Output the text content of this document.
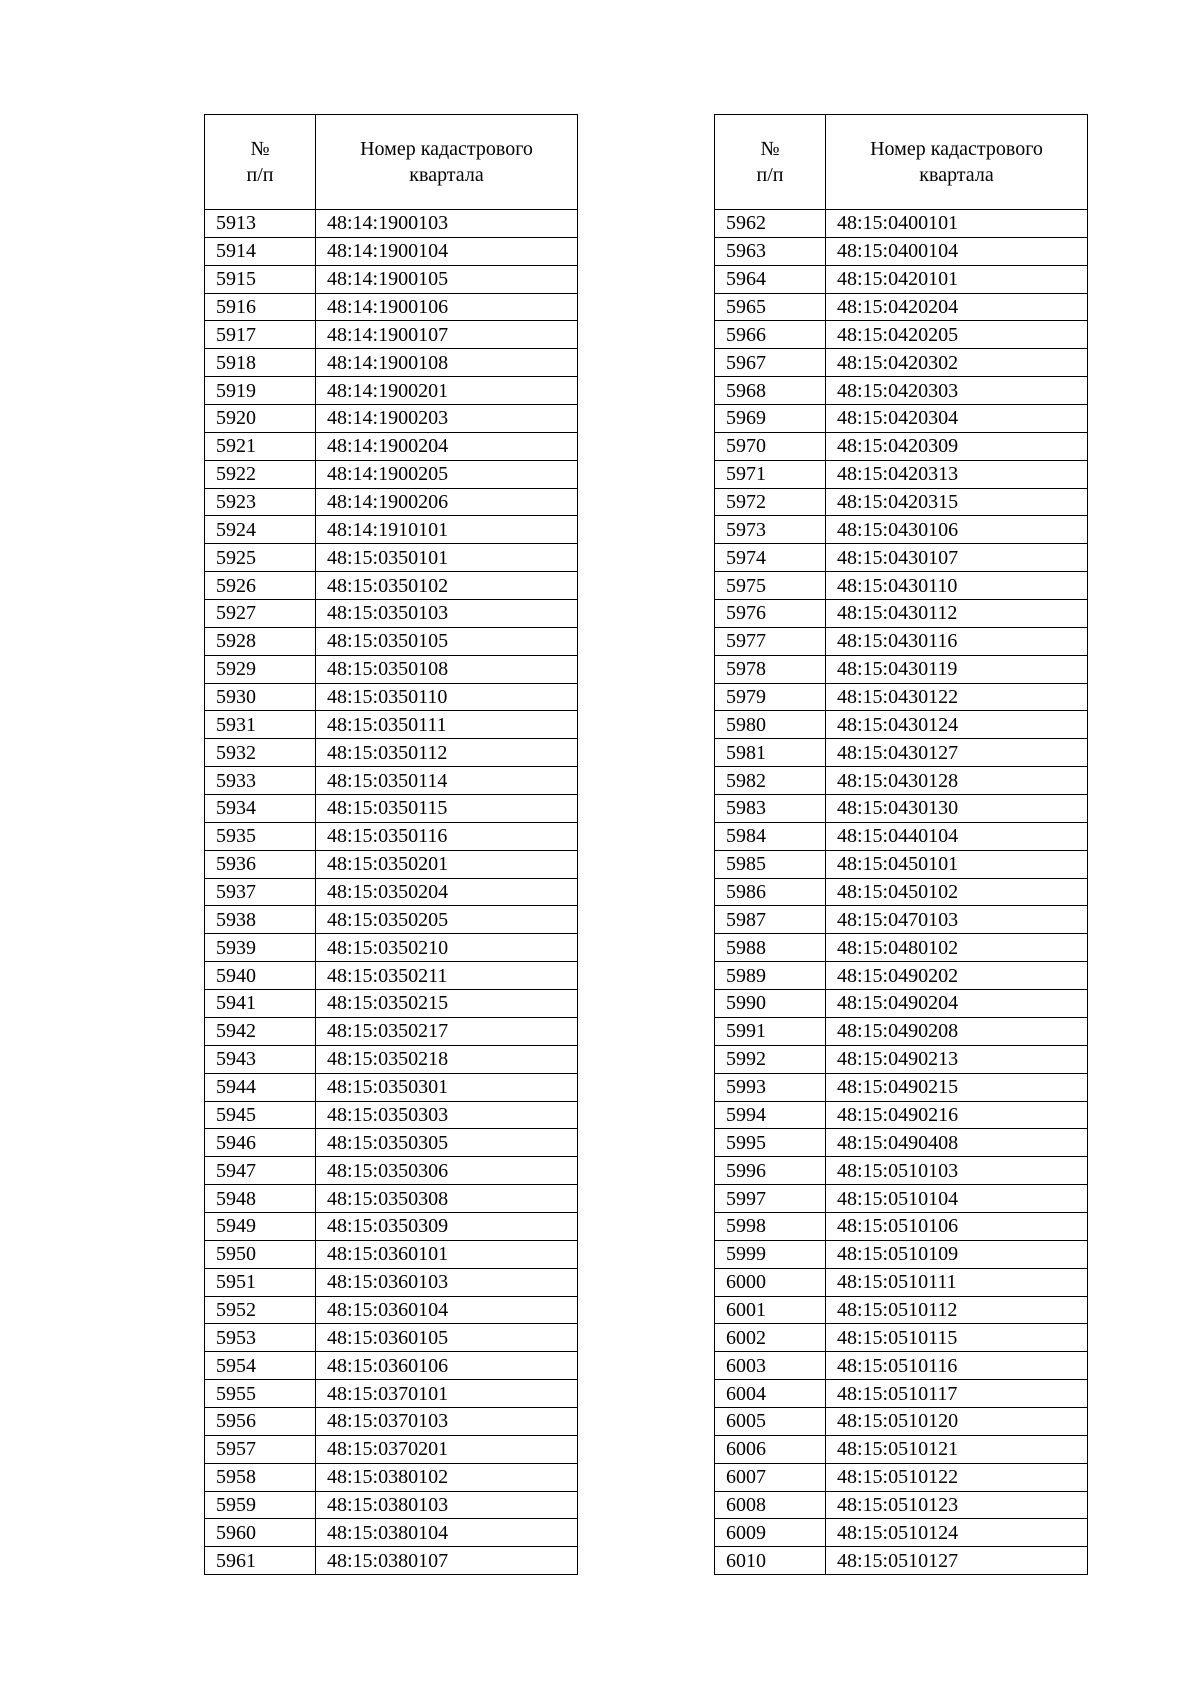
№
п/п	Номер кадастрового
квартала

5913	48:14:1900103
5914	48:14:1900104
5915	48:14:1900105
5916	48:14:1900106
5917	48:14:1900107
5918	48:14:1900108
5919	48:14:1900201
5920	48:14:1900203
5921	48:14:1900204
5922	48:14:1900205
5923	48:14:1900206
5924	48:14:1910101
5925	48:15:0350101
5926	48:15:0350102
5927	48:15:0350103
5928	48:15:0350105
5929	48:15:0350108
5930	48:15:0350110
5931	48:15:0350111
5932	48:15:0350112
5933	48:15:0350114
5934	48:15:0350115
5935	48:15:0350116
5936	48:15:0350201
5937	48:15:0350204
5938	48:15:0350205
5939	48:15:0350210
5940	48:15:0350211
5941	48:15:0350215
5942	48:15:0350217
5943	48:15:0350218
5944	48:15:0350301
5945	48:15:0350303
5946	48:15:0350305
5947	48:15:0350306
5948	48:15:0350308
5949	48:15:0350309
5950	48:15:0360101
5951	48:15:0360103
5952	48:15:0360104
5953	48:15:0360105
5954	48:15:0360106
5955	48:15:0370101
5956	48:15:0370103
5957	48:15:0370201
5958	48:15:0380102
5959	48:15:0380103
5960	48:15:0380104
5961	48:15:0380107
№
п/п	Номер кадастрового
квартала

5962	48:15:0400101
5963	48:15:0400104
5964	48:15:0420101
5965	48:15:0420204
5966	48:15:0420205
5967	48:15:0420302
5968	48:15:0420303
5969	48:15:0420304
5970	48:15:0420309
5971	48:15:0420313
5972	48:15:0420315
5973	48:15:0430106
5974	48:15:0430107
5975	48:15:0430110
5976	48:15:0430112
5977	48:15:0430116
5978	48:15:0430119
5979	48:15:0430122
5980	48:15:0430124
5981	48:15:0430127
5982	48:15:0430128
5983	48:15:0430130
5984	48:15:0440104
5985	48:15:0450101
5986	48:15:0450102
5987	48:15:0470103
5988	48:15:0480102
5989	48:15:0490202
5990	48:15:0490204
5991	48:15:0490208
5992	48:15:0490213
5993	48:15:0490215
5994	48:15:0490216
5995	48:15:0490408
5996	48:15:0510103
5997	48:15:0510104
5998	48:15:0510106
5999	48:15:0510109
6000	48:15:0510111
6001	48:15:0510112
6002	48:15:0510115
6003	48:15:0510116
6004	48:15:0510117
6005	48:15:0510120
6006	48:15:0510121
6007	48:15:0510122
6008	48:15:0510123
6009	48:15:0510124
6010	48:15:0510127
